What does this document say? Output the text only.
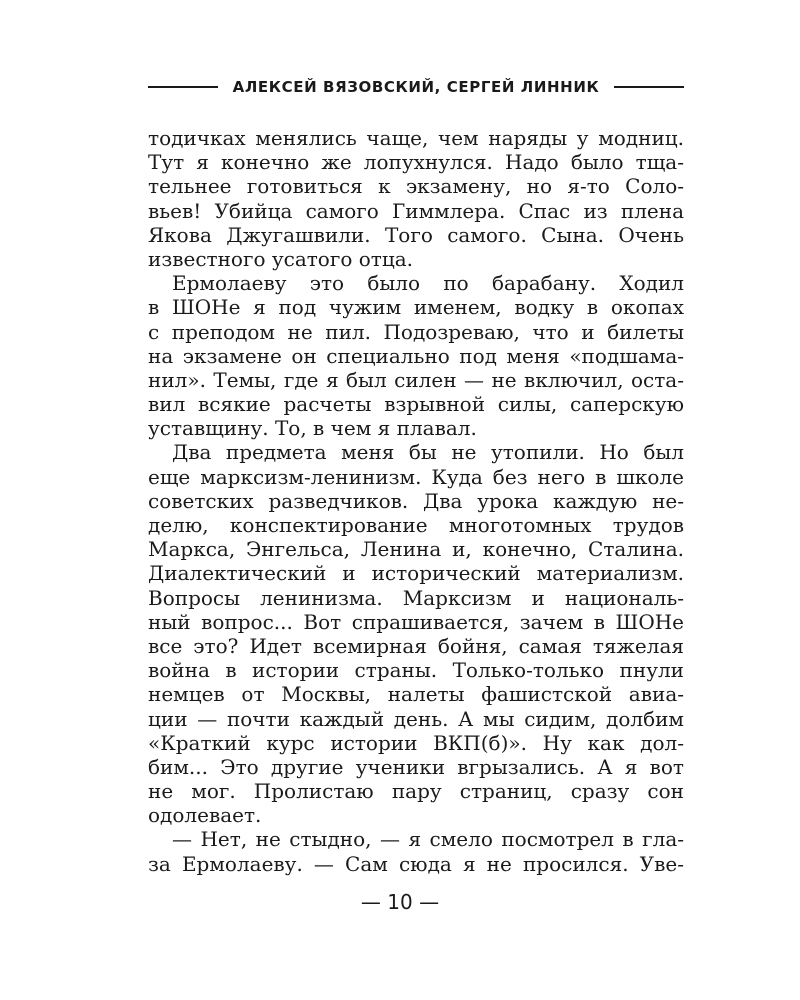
АЛЕКСЕЙ ВЯЗОВСКИЙ, СЕРГЕЙ ЛИННИК
тодичках менялись чаще, чем наряды у модниц.
Тут я конечно же лопухнулся. Надо было тща-
тельнее готовиться к экзамену, но я-то Соло-
вьев! Убийца самого Гиммлера. Спас из плена
Якова Джугашвили. Того самого. Сына. Очень
известного усатого отца.
Ермолаеву это было по барабану. Ходил
в ШОНе я под чужим именем, водку в окопах
с преподом не пил. Подозреваю, что и билеты
на экзамене он специально под меня «подшама-
нил». Темы, где я был силен — не включил, оста-
вил всякие расчеты взрывной силы, саперскую
уставщину. То, в чем я плавал.
Два предмета меня бы не утопили. Но был
еще марксизм-ленинизм. Куда без него в школе
советских разведчиков. Два урока каждую не-
делю, конспектирование многотомных трудов
Маркса, Энгельса, Ленина и, конечно, Сталина.
Диалектический и исторический материализм.
Вопросы ленинизма. Марксизм и националь-
ный вопрос... Вот спрашивается, зачем в ШОНе
все это? Идет всемирная бойня, самая тяжелая
война в истории страны. Только-только пнули
немцев от Москвы, налеты фашистской авиа-
ции — почти каждый день. А мы сидим, долбим
«Краткий курс истории ВКП(б)». Ну как дол-
бим... Это другие ученики вгрызались. А я вот
не мог. Пролистаю пару страниц, сразу сон
одолевает.
— Нет, не стыдно, — я смело посмотрел в гла-
за Ермолаеву. — Сам сюда я не просился. Уве-
— 10 —
